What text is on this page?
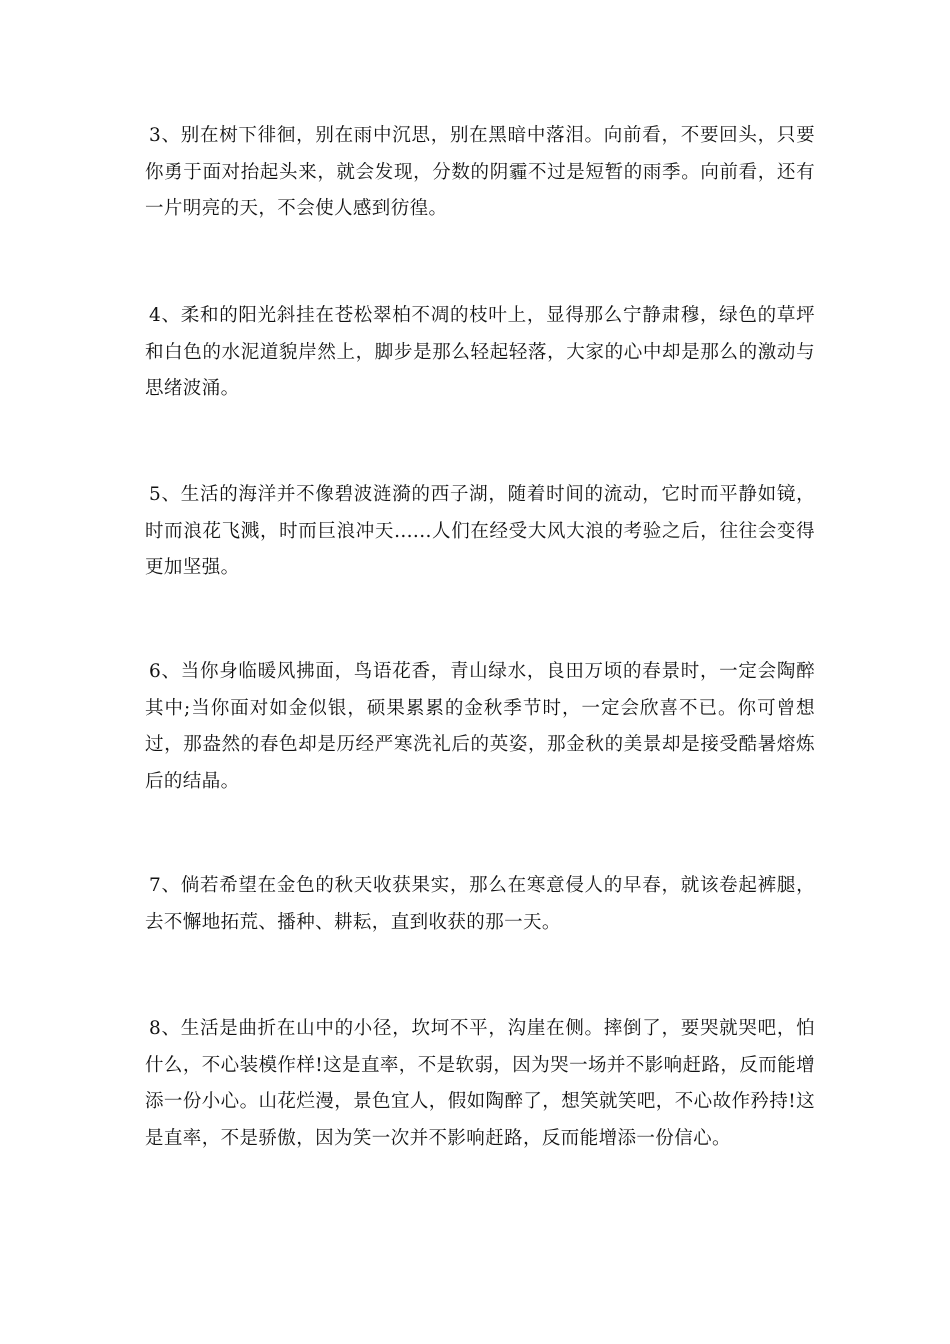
3、别在树下徘徊，别在雨中沉思，别在黑暗中落泪。向前看，不要回头，只要你勇于面对抬起头来，就会发现，分数的阴霾不过是短暂的雨季。向前看，还有一片明亮的天，不会使人感到彷徨。

4、柔和的阳光斜挂在苍松翠柏不凋的枝叶上，显得那么宁静肃穆，绿色的草坪和白色的水泥道貌岸然上，脚步是那么轻起轻落，大家的心中却是那么的激动与思绪波涌。

5、生活的海洋并不像碧波涟漪的西子湖，随着时间的流动，它时而平静如镜，时而浪花飞溅，时而巨浪冲天......人们在经受大风大浪的考验之后，往往会变得更加坚强。

6、当你身临暖风拂面，鸟语花香，青山绿水，良田万顷的春景时，一定会陶醉其中;当你面对如金似银，硕果累累的金秋季节时，一定会欣喜不已。你可曾想过，那盎然的春色却是历经严寒洗礼后的英姿，那金秋的美景却是接受酷暑熔炼后的结晶。

7、倘若希望在金色的秋天收获果实，那么在寒意侵人的早春，就该卷起裤腿，去不懈地拓荒、播种、耕耘，直到收获的那一天。

8、生活是曲折在山中的小径，坎坷不平，沟崖在侧。摔倒了，要哭就哭吧，怕什么，不心装模作样!这是直率，不是软弱，因为哭一场并不影响赶路，反而能增添一份小心。山花烂漫，景色宜人，假如陶醉了，想笑就笑吧，不心故作矜持!这是直率，不是骄傲，因为笑一次并不影响赶路，反而能增添一份信心。
